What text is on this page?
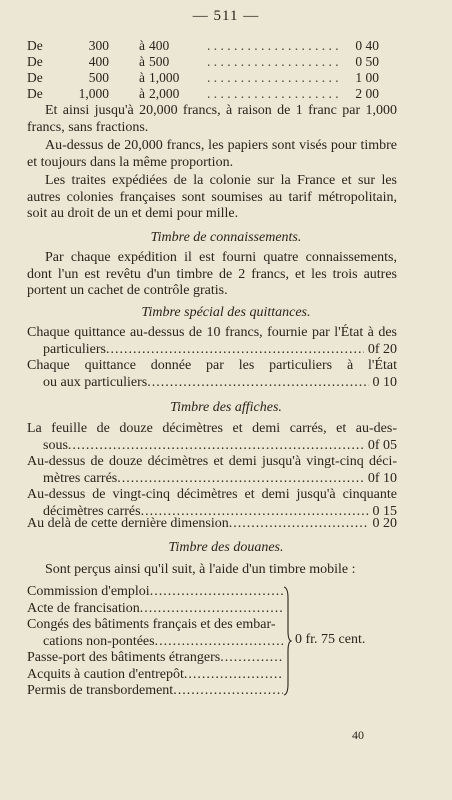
— 511 —
De	300	à 400 . . .	0 40
De	400	à 500 . . .	0 50
De	500	à 1,000 . . .	1 00
De	1,000	à 2,000 . . .	2 00
Et ainsi jusqu'à 20,000 francs, à raison de 1 franc par 1,000 francs, sans fractions.
Au-dessus de 20,000 francs, les papiers sont visés pour timbre et toujours dans la même proportion.
Les traites expédiées de la colonie sur la France et sur les autres colonies françaises sont soumises au tarif métropolitain, soit au droit de un et demi pour mille.
Timbre de connaissements.
Par chaque expédition il est fourni quatre connaissements, dont l'un est revêtu d'un timbre de 2 francs, et les trois autres portent un cachet de contrôle gratis.
Timbre spécial des quittances.
Chaque quittance au-dessus de 10 francs, fournie par l'État à des
particuliers .....	0f 20
Chaque quittance donnée par les particuliers à l'État
ou aux particuliers .....	0 10
Timbre des affiches.
La feuille de douze décimètres et demi carrés, et au-des-
sous .....	0f 05
Au-dessus de douze décimètres et demi jusqu'à vingt-cinq déci-
mètres carrés .....	0f 10
Au-dessus de vingt-cinq décimètres et demi jusqu'à cinquante
décimètres carrés .....	0 15
Au delà de cette dernière dimension .....	0 20
Timbre des douanes.
Sont perçus ainsi qu'il suit, à l'aide d'un timbre mobile :
Commission d'emploi
.....
Acte de francisation
.....
Congés des bâtiments français et des embar-
cations non-pontées
.....
Passe-port des bâtiments étrangers
.....
Acquits à caution d'entrepôt
.....
Permis de transbordement
.....
0 fr. 75 cent.
40
